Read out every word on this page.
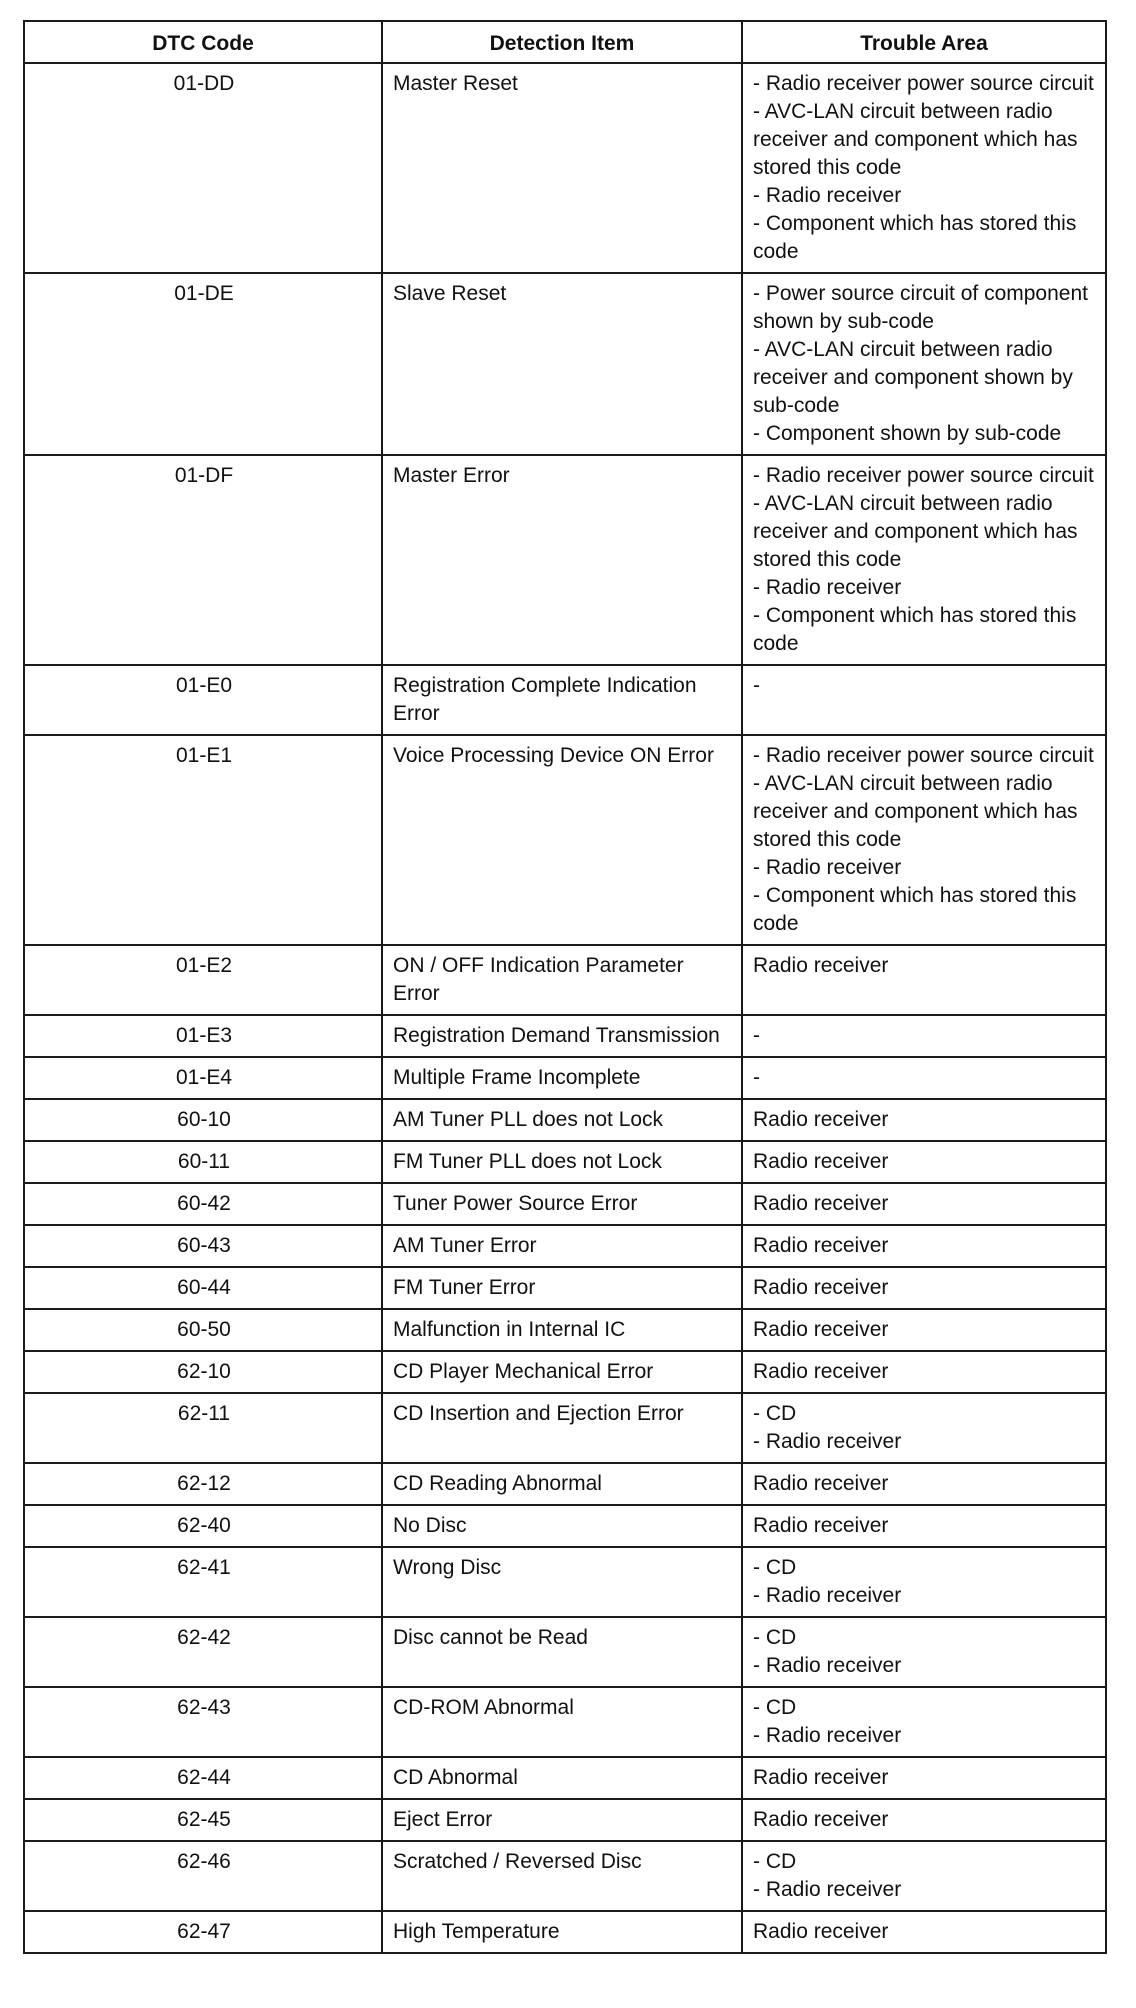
DTC Code	Detection Item	Trouble Area
01-DD	Master Reset	- Radio receiver power source circuit
- AVC-LAN circuit between radio receiver and component which has stored this code
- Radio receiver
- Component which has stored this code

01-DE	Slave Reset	- Power source circuit of component shown by sub-code
- AVC-LAN circuit between radio receiver and component shown by sub-code
- Component shown by sub-code

01-DF	Master Error	- Radio receiver power source circuit
- AVC-LAN circuit between radio receiver and component which has stored this code
- Radio receiver
- Component which has stored this code

01-E0	Registration Complete Indication Error	-

01-E1	Voice Processing Device ON Error	- Radio receiver power source circuit
- AVC-LAN circuit between radio receiver and component which has stored this code
- Radio receiver
- Component which has stored this code

01-E2	ON / OFF Indication Parameter Error	Radio receiver

01-E3	Registration Demand Transmission	-

01-E4	Multiple Frame Incomplete	-

60-10	AM Tuner PLL does not Lock	Radio receiver

60-11	FM Tuner PLL does not Lock	Radio receiver

60-42	Tuner Power Source Error	Radio receiver

60-43	AM Tuner Error	Radio receiver

60-44	FM Tuner Error	Radio receiver

60-50	Malfunction in Internal IC	Radio receiver

62-10	CD Player Mechanical Error	Radio receiver

62-11	CD Insertion and Ejection Error	- CD
- Radio receiver

62-12	CD Reading Abnormal	Radio receiver

62-40	No Disc	Radio receiver

62-41	Wrong Disc	- CD
- Radio receiver

62-42	Disc cannot be Read	- CD
- Radio receiver

62-43	CD-ROM Abnormal	- CD
- Radio receiver

62-44	CD Abnormal	Radio receiver

62-45	Eject Error	Radio receiver

62-46	Scratched / Reversed Disc	- CD
- Radio receiver

62-47	High Temperature	Radio receiver
